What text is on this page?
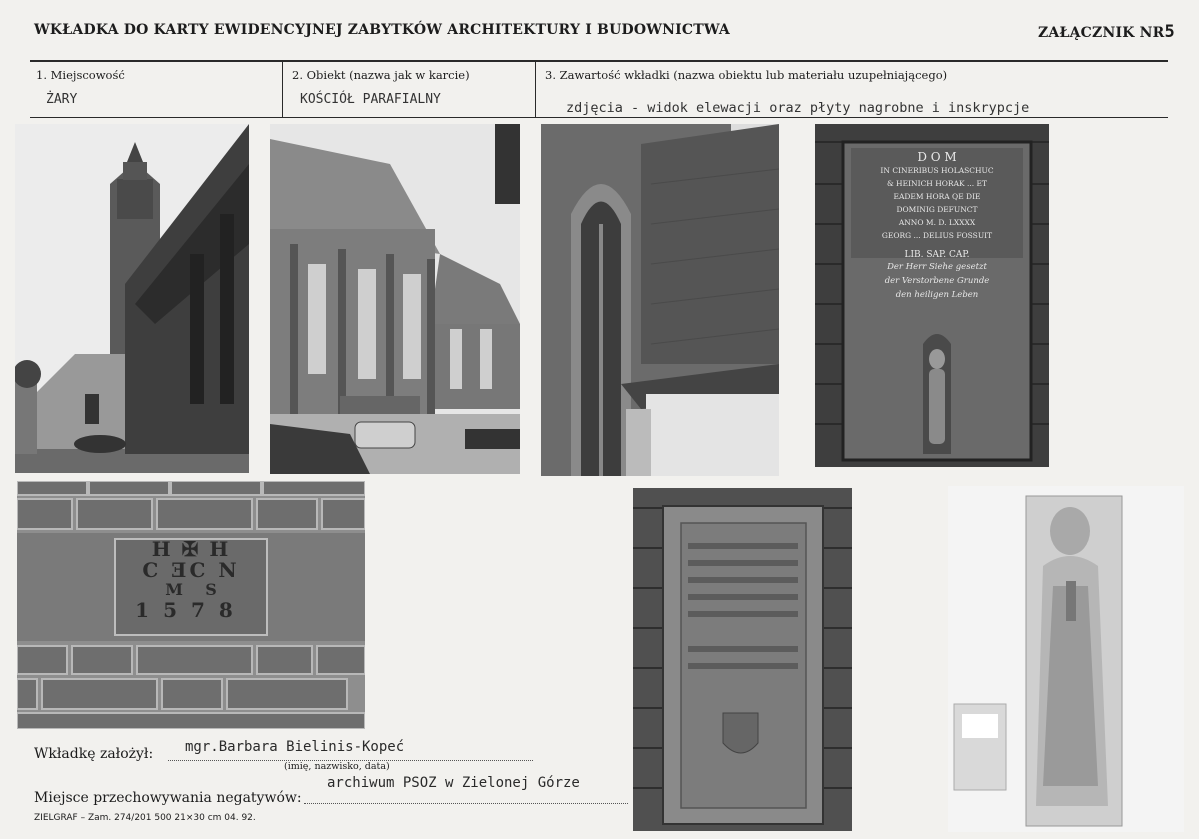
WKŁADKA DO KARTY EWIDENCYJNEJ ZABYTKÓW ARCHITEKTURY I BUDOWNICTWA	ZAŁĄCZNIK NR5
1. Miejscowość
ŻARY
2. Obiekt (nazwa jak w karcie)
KOŚCIÓŁ PARAFIALNY
3. Zawartość wkładki (nazwa obiektu lub materiału uzupełniającego)
zdjęcia - widok elewacji oraz płyty nagrobne i inskrypcje
D O M
IN CINERIBUS HOLASCHUC
& HEINICH HORAK ... ET
EADEM HORA QE DIE
DOMINIG DEFUNCT
ANNO M. D. LXXXX
GEORG ... DELIUS FOSSUIT
LIB. SAP. CAP.
Der Herr Siehe gesetzt
der Verstorbene Grunde
den heiligen Leben
H ✠ H
C ƎC N
M    S
1578
Wkładkę założył: mgr.Barbara Bielinis-Kopeć
(imię, nazwisko, data)
archiwum PSOZ w Zielonej Górze
Miejsce przechowywania negatywów:
ZIELGRAF – Zam. 274/201 500 21×30 cm 04. 92.
